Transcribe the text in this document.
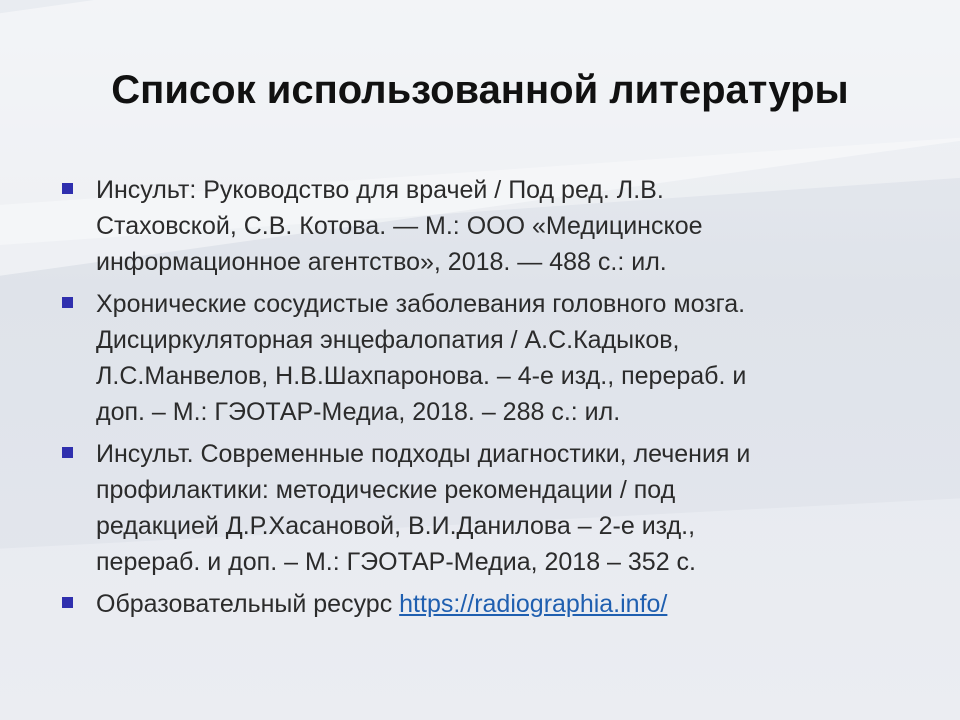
Список использованной литературы
Инсульт: Руководство для врачей / Под ред. Л.В.
Стаховской, С.В. Котова. — М.: ООО «Медицинское
информационное агентство», 2018. — 488 с.: ил.
Хронические сосудистые заболевания головного мозга.
Дисциркуляторная энцефалопатия / А.С.Кадыков,
Л.С.Манвелов, Н.В.Шахпаронова. – 4-е изд., перераб. и
доп. – М.: ГЭОТАР-Медиа, 2018. – 288 с.: ил.
Инсульт. Современные подходы диагностики, лечения и
профилактики: методические рекомендации / под
редакцией Д.Р.Хасановой, В.И.Данилова – 2-е изд.,
перераб. и доп. – М.: ГЭОТАР-Медиа, 2018 – 352 с.
Образовательный ресурс https://radiographia.info/
